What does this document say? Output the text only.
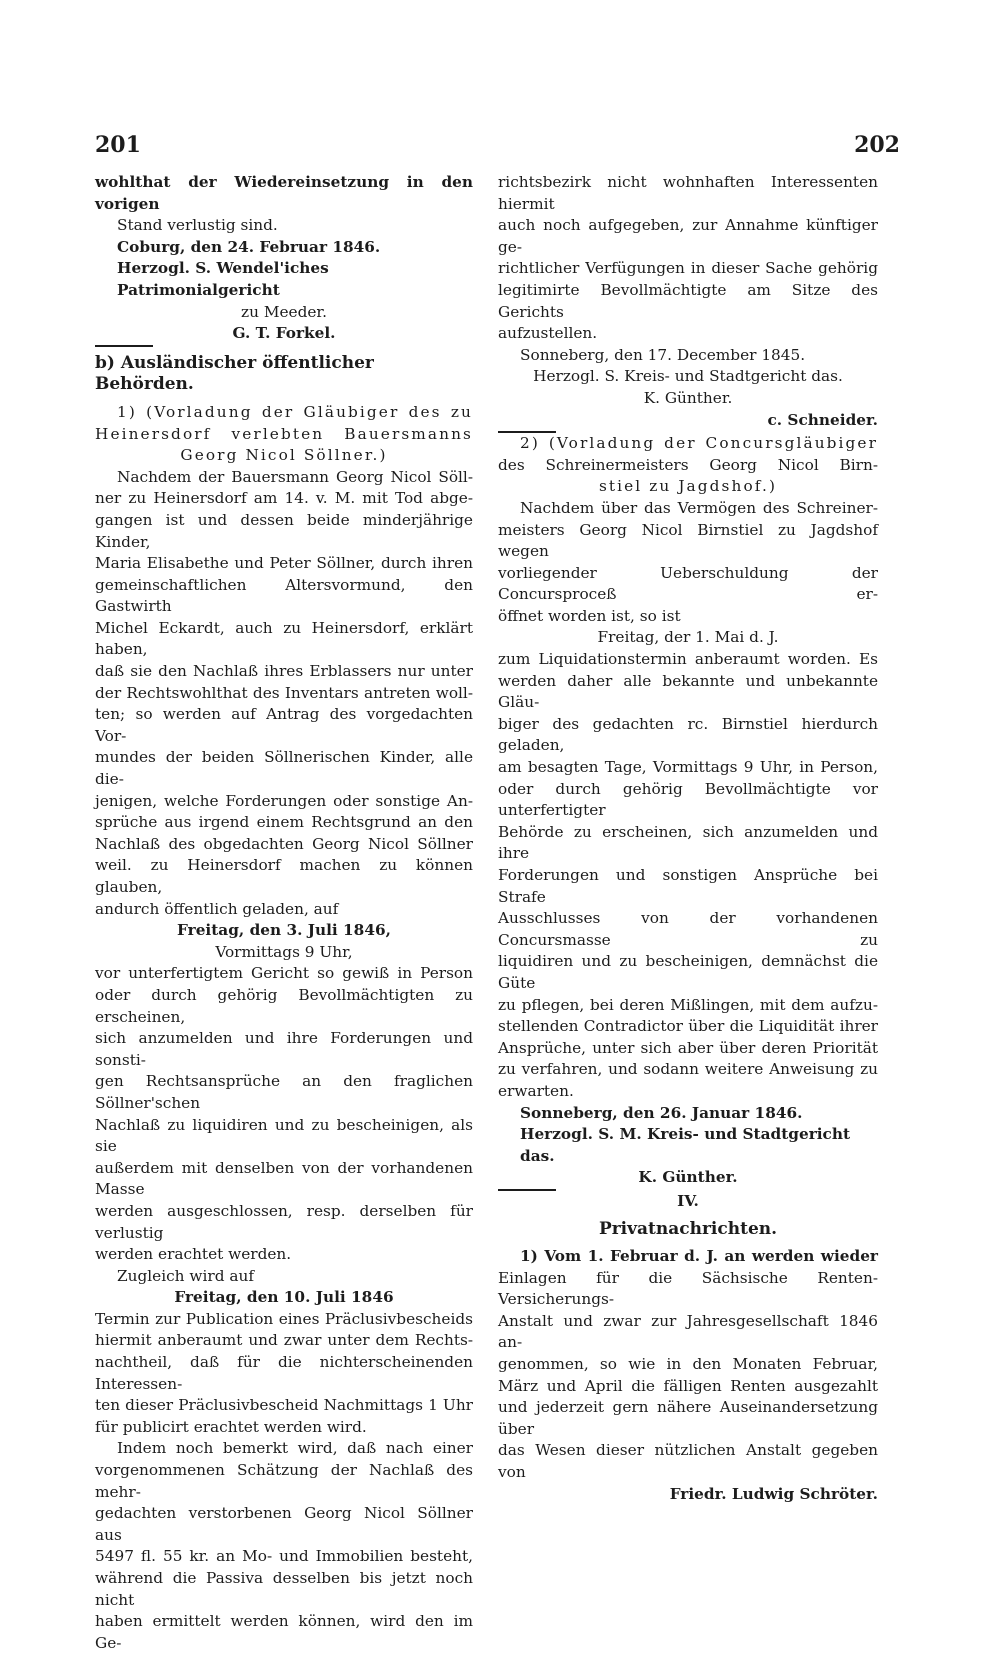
201	202

wohlthat der Wiedereinsetzung in den vorigen

Stand verlustig sind.

Coburg, den 24. Februar 1846.

Herzogl. S. Wendel'iches Patrimonialgericht

zu Meeder.

G. T. Forkel.

b) Ausländischer öffentlicher Behörden.

1) (Vorladung der Gläubiger des zu

Heinersdorf verlebten Bauersmanns

Georg Nicol Söllner.)

Nachdem der Bauersmann Georg Nicol Söll-

ner zu Heinersdorf am 14. v. M. mit Tod abge-

gangen ist und dessen beide minderjährige Kinder,

Maria Elisabethe und Peter Söllner, durch ihren

gemeinschaftlichen Altersvormund, den Gastwirth

Michel Eckardt, auch zu Heinersdorf, erklärt haben,

daß sie den Nachlaß ihres Erblassers nur unter

der Rechtswohlthat des Inventars antreten woll-

ten; so werden auf Antrag des vorgedachten Vor-

mundes der beiden Söllnerischen Kinder, alle die-

jenigen, welche Forderungen oder sonstige An-

sprüche aus irgend einem Rechtsgrund an den

Nachlaß des obgedachten Georg Nicol Söllner

weil. zu Heinersdorf machen zu können glauben,

andurch öffentlich geladen, auf

Freitag, den 3. Juli 1846,

Vormittags 9 Uhr,

vor unterfertigtem Gericht so gewiß in Person

oder durch gehörig Bevollmächtigten zu erscheinen,

sich anzumelden und ihre Forderungen und sonsti-

gen Rechtsansprüche an den fraglichen Söllner'schen

Nachlaß zu liquidiren und zu bescheinigen, als sie

außerdem mit denselben von der vorhandenen Masse

werden ausgeschlossen, resp. derselben für verlustig

werden erachtet werden.

Zugleich wird auf

Freitag, den 10. Juli 1846

Termin zur Publication eines Präclusivbescheids

hiermit anberaumt und zwar unter dem Rechts-

nachtheil, daß für die nichterscheinenden Interessen-

ten dieser Präclusivbescheid Nachmittags 1 Uhr

für publicirt erachtet werden wird.

Indem noch bemerkt wird, daß nach einer

vorgenommenen Schätzung der Nachlaß des mehr-

gedachten verstorbenen Georg Nicol Söllner aus

5497 fl. 55 kr. an Mo- und Immobilien besteht,

während die Passiva desselben bis jetzt noch nicht

haben ermittelt werden können, wird den im Ge-

richtsbezirk nicht wohnhaften Interessenten hiermit

auch noch aufgegeben, zur Annahme künftiger ge-

richtlicher Verfügungen in dieser Sache gehörig

legitimirte Bevollmächtigte am Sitze des Gerichts

aufzustellen.

Sonneberg, den 17. December 1845.

Herzogl. S. Kreis- und Stadtgericht das.

K. Günther.

c. Schneider.

2) (Vorladung der Concursgläubiger

des Schreinermeisters Georg Nicol Birn-

stiel zu Jagdshof.)

Nachdem über das Vermögen des Schreiner-

meisters Georg Nicol Birnstiel zu Jagdshof wegen

vorliegender Ueberschuldung der Concursproceß er-

öffnet worden ist, so ist

Freitag, der 1. Mai d. J.

zum Liquidationstermin anberaumt worden. Es

werden daher alle bekannte und unbekannte Gläu-

biger des gedachten rc. Birnstiel hierdurch geladen,

am besagten Tage, Vormittags 9 Uhr, in Person,

oder durch gehörig Bevollmächtigte vor unterfertigter

Behörde zu erscheinen, sich anzumelden und ihre

Forderungen und sonstigen Ansprüche bei Strafe

Ausschlusses von der vorhandenen Concursmasse zu

liquidiren und zu bescheinigen, demnächst die Güte

zu pflegen, bei deren Mißlingen, mit dem aufzu-

stellenden Contradictor über die Liquidität ihrer

Ansprüche, unter sich aber über deren Priorität

zu verfahren, und sodann weitere Anweisung zu

erwarten.

Sonneberg, den 26. Januar 1846.

Herzogl. S. M. Kreis- und Stadtgericht das.

K. Günther.

IV.

Privatnachrichten.

1) Vom 1. Februar d. J. an werden wieder

Einlagen für die Sächsische Renten-Versicherungs-

Anstalt und zwar zur Jahresgesellschaft 1846 an-

genommen, so wie in den Monaten Februar,

März und April die fälligen Renten ausgezahlt

und jederzeit gern nähere Auseinandersetzung über

das Wesen dieser nützlichen Anstalt gegeben von

Friedr. Ludwig Schröter.
